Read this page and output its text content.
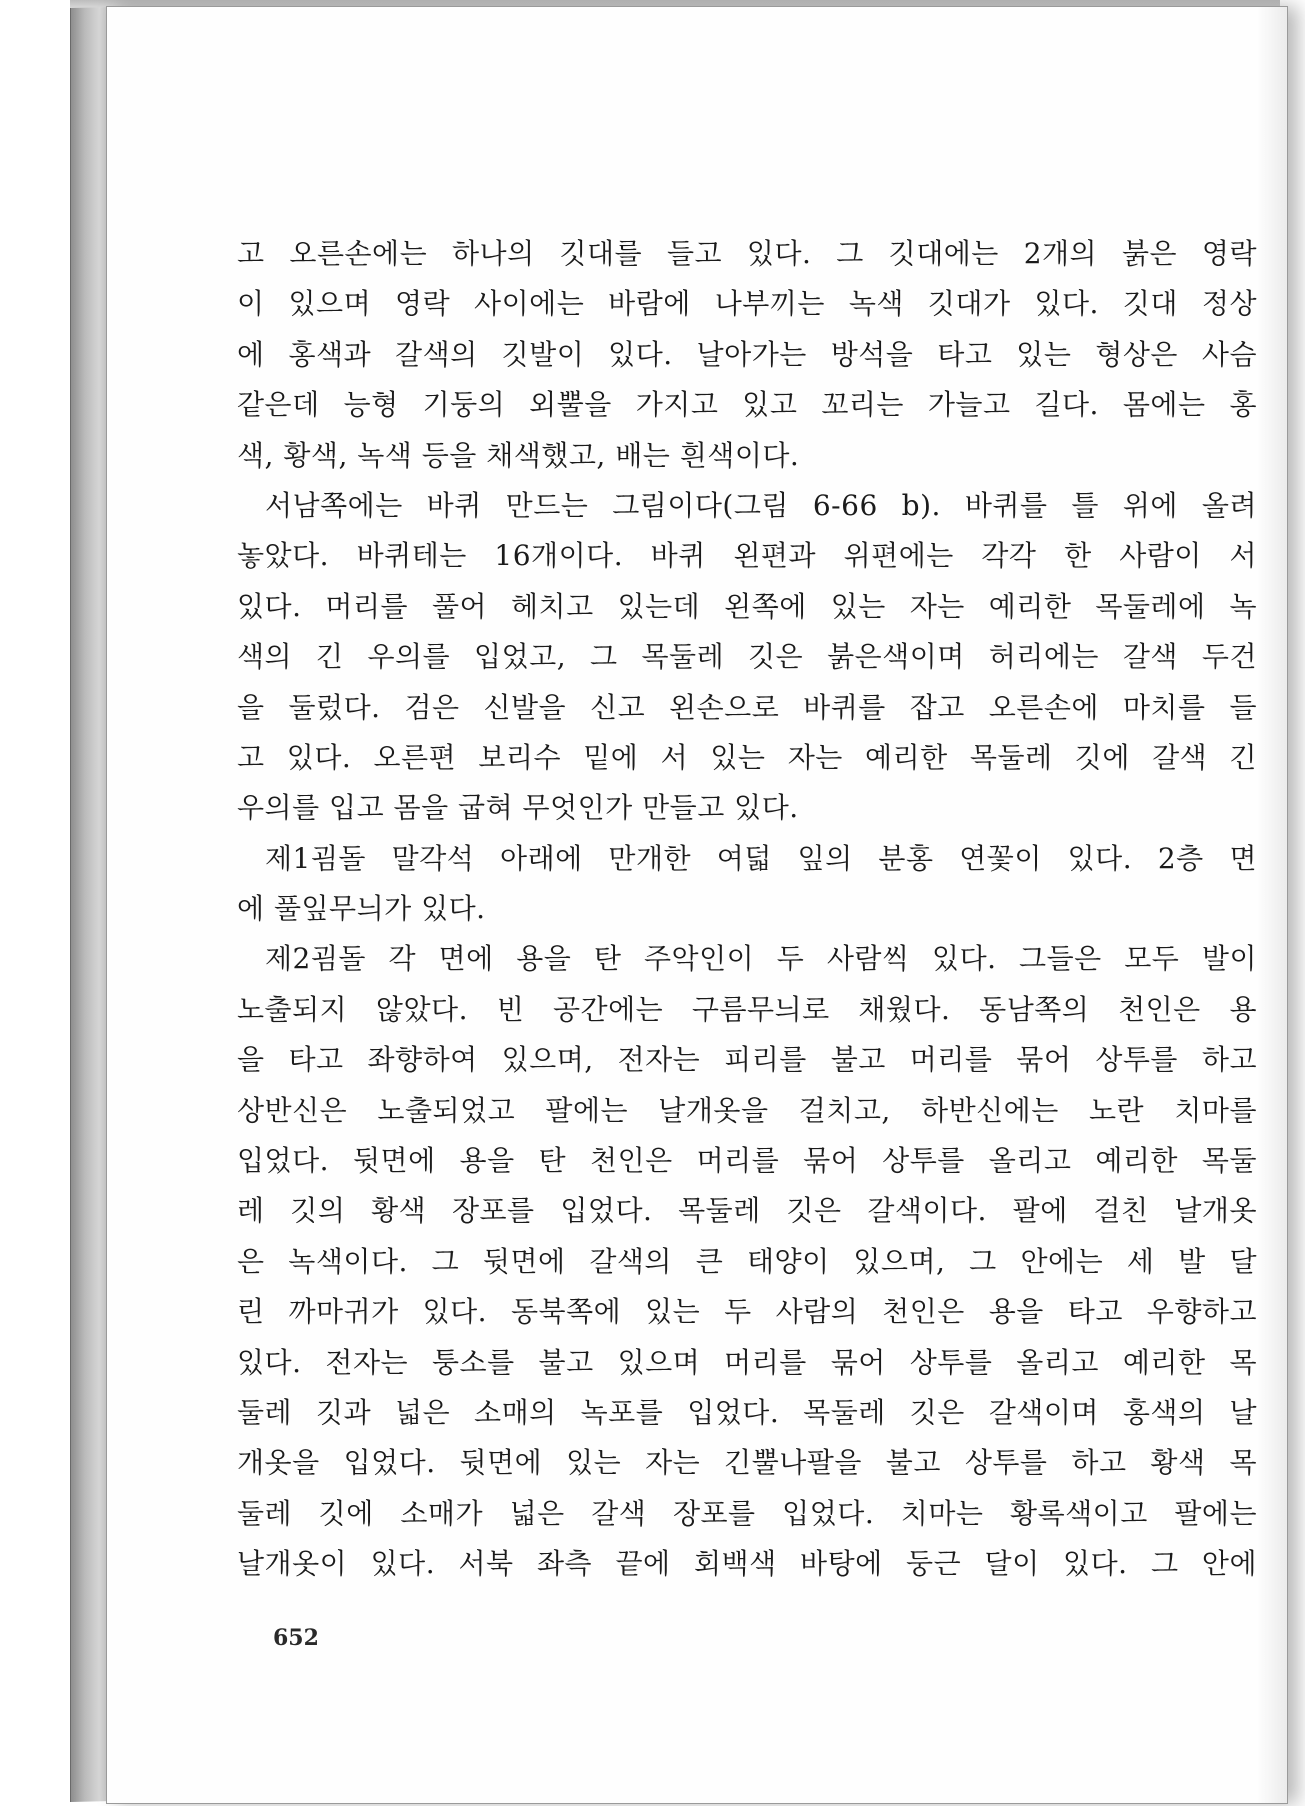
고 오른손에는 하나의 깃대를 들고 있다. 그 깃대에는 2개의 붉은 영락
이 있으며 영락 사이에는 바람에 나부끼는 녹색 깃대가 있다. 깃대 정상
에 홍색과 갈색의 깃발이 있다. 날아가는 방석을 타고 있는 형상은 사슴
같은데 능형 기둥의 외뿔을 가지고 있고 꼬리는 가늘고 길다. 몸에는 홍
색, 황색, 녹색 등을 채색했고, 배는 흰색이다.
서남쪽에는 바퀴 만드는 그림이다(그림 6-66 b). 바퀴를 틀 위에 올려
놓았다. 바퀴테는 16개이다. 바퀴 왼편과 위편에는 각각 한 사람이 서
있다. 머리를 풀어 헤치고 있는데 왼쪽에 있는 자는 예리한 목둘레에 녹
색의 긴 우의를 입었고, 그 목둘레 깃은 붉은색이며 허리에는 갈색 두건
을 둘렀다. 검은 신발을 신고 왼손으로 바퀴를 잡고 오른손에 마치를 들
고 있다. 오른편 보리수 밑에 서 있는 자는 예리한 목둘레 깃에 갈색 긴
우의를 입고 몸을 굽혀 무엇인가 만들고 있다.
제1굄돌 말각석 아래에 만개한 여덟 잎의 분홍 연꽃이 있다. 2층 면
에 풀잎무늬가 있다.
제2굄돌 각 면에 용을 탄 주악인이 두 사람씩 있다. 그들은 모두 발이
노출되지 않았다. 빈 공간에는 구름무늬로 채웠다. 동남쪽의 천인은 용
을 타고 좌향하여 있으며, 전자는 피리를 불고 머리를 묶어 상투를 하고
상반신은 노출되었고 팔에는 날개옷을 걸치고, 하반신에는 노란 치마를
입었다. 뒷면에 용을 탄 천인은 머리를 묶어 상투를 올리고 예리한 목둘
레 깃의 황색 장포를 입었다. 목둘레 깃은 갈색이다. 팔에 걸친 날개옷
은 녹색이다. 그 뒷면에 갈색의 큰 태양이 있으며, 그 안에는 세 발 달
린 까마귀가 있다. 동북쪽에 있는 두 사람의 천인은 용을 타고 우향하고
있다. 전자는 퉁소를 불고 있으며 머리를 묶어 상투를 올리고 예리한 목
둘레 깃과 넓은 소매의 녹포를 입었다. 목둘레 깃은 갈색이며 홍색의 날
개옷을 입었다. 뒷면에 있는 자는 긴뿔나팔을 불고 상투를 하고 황색 목
둘레 깃에 소매가 넓은 갈색 장포를 입었다. 치마는 황록색이고 팔에는
날개옷이 있다. 서북 좌측 끝에 회백색 바탕에 둥근 달이 있다. 그 안에
652
